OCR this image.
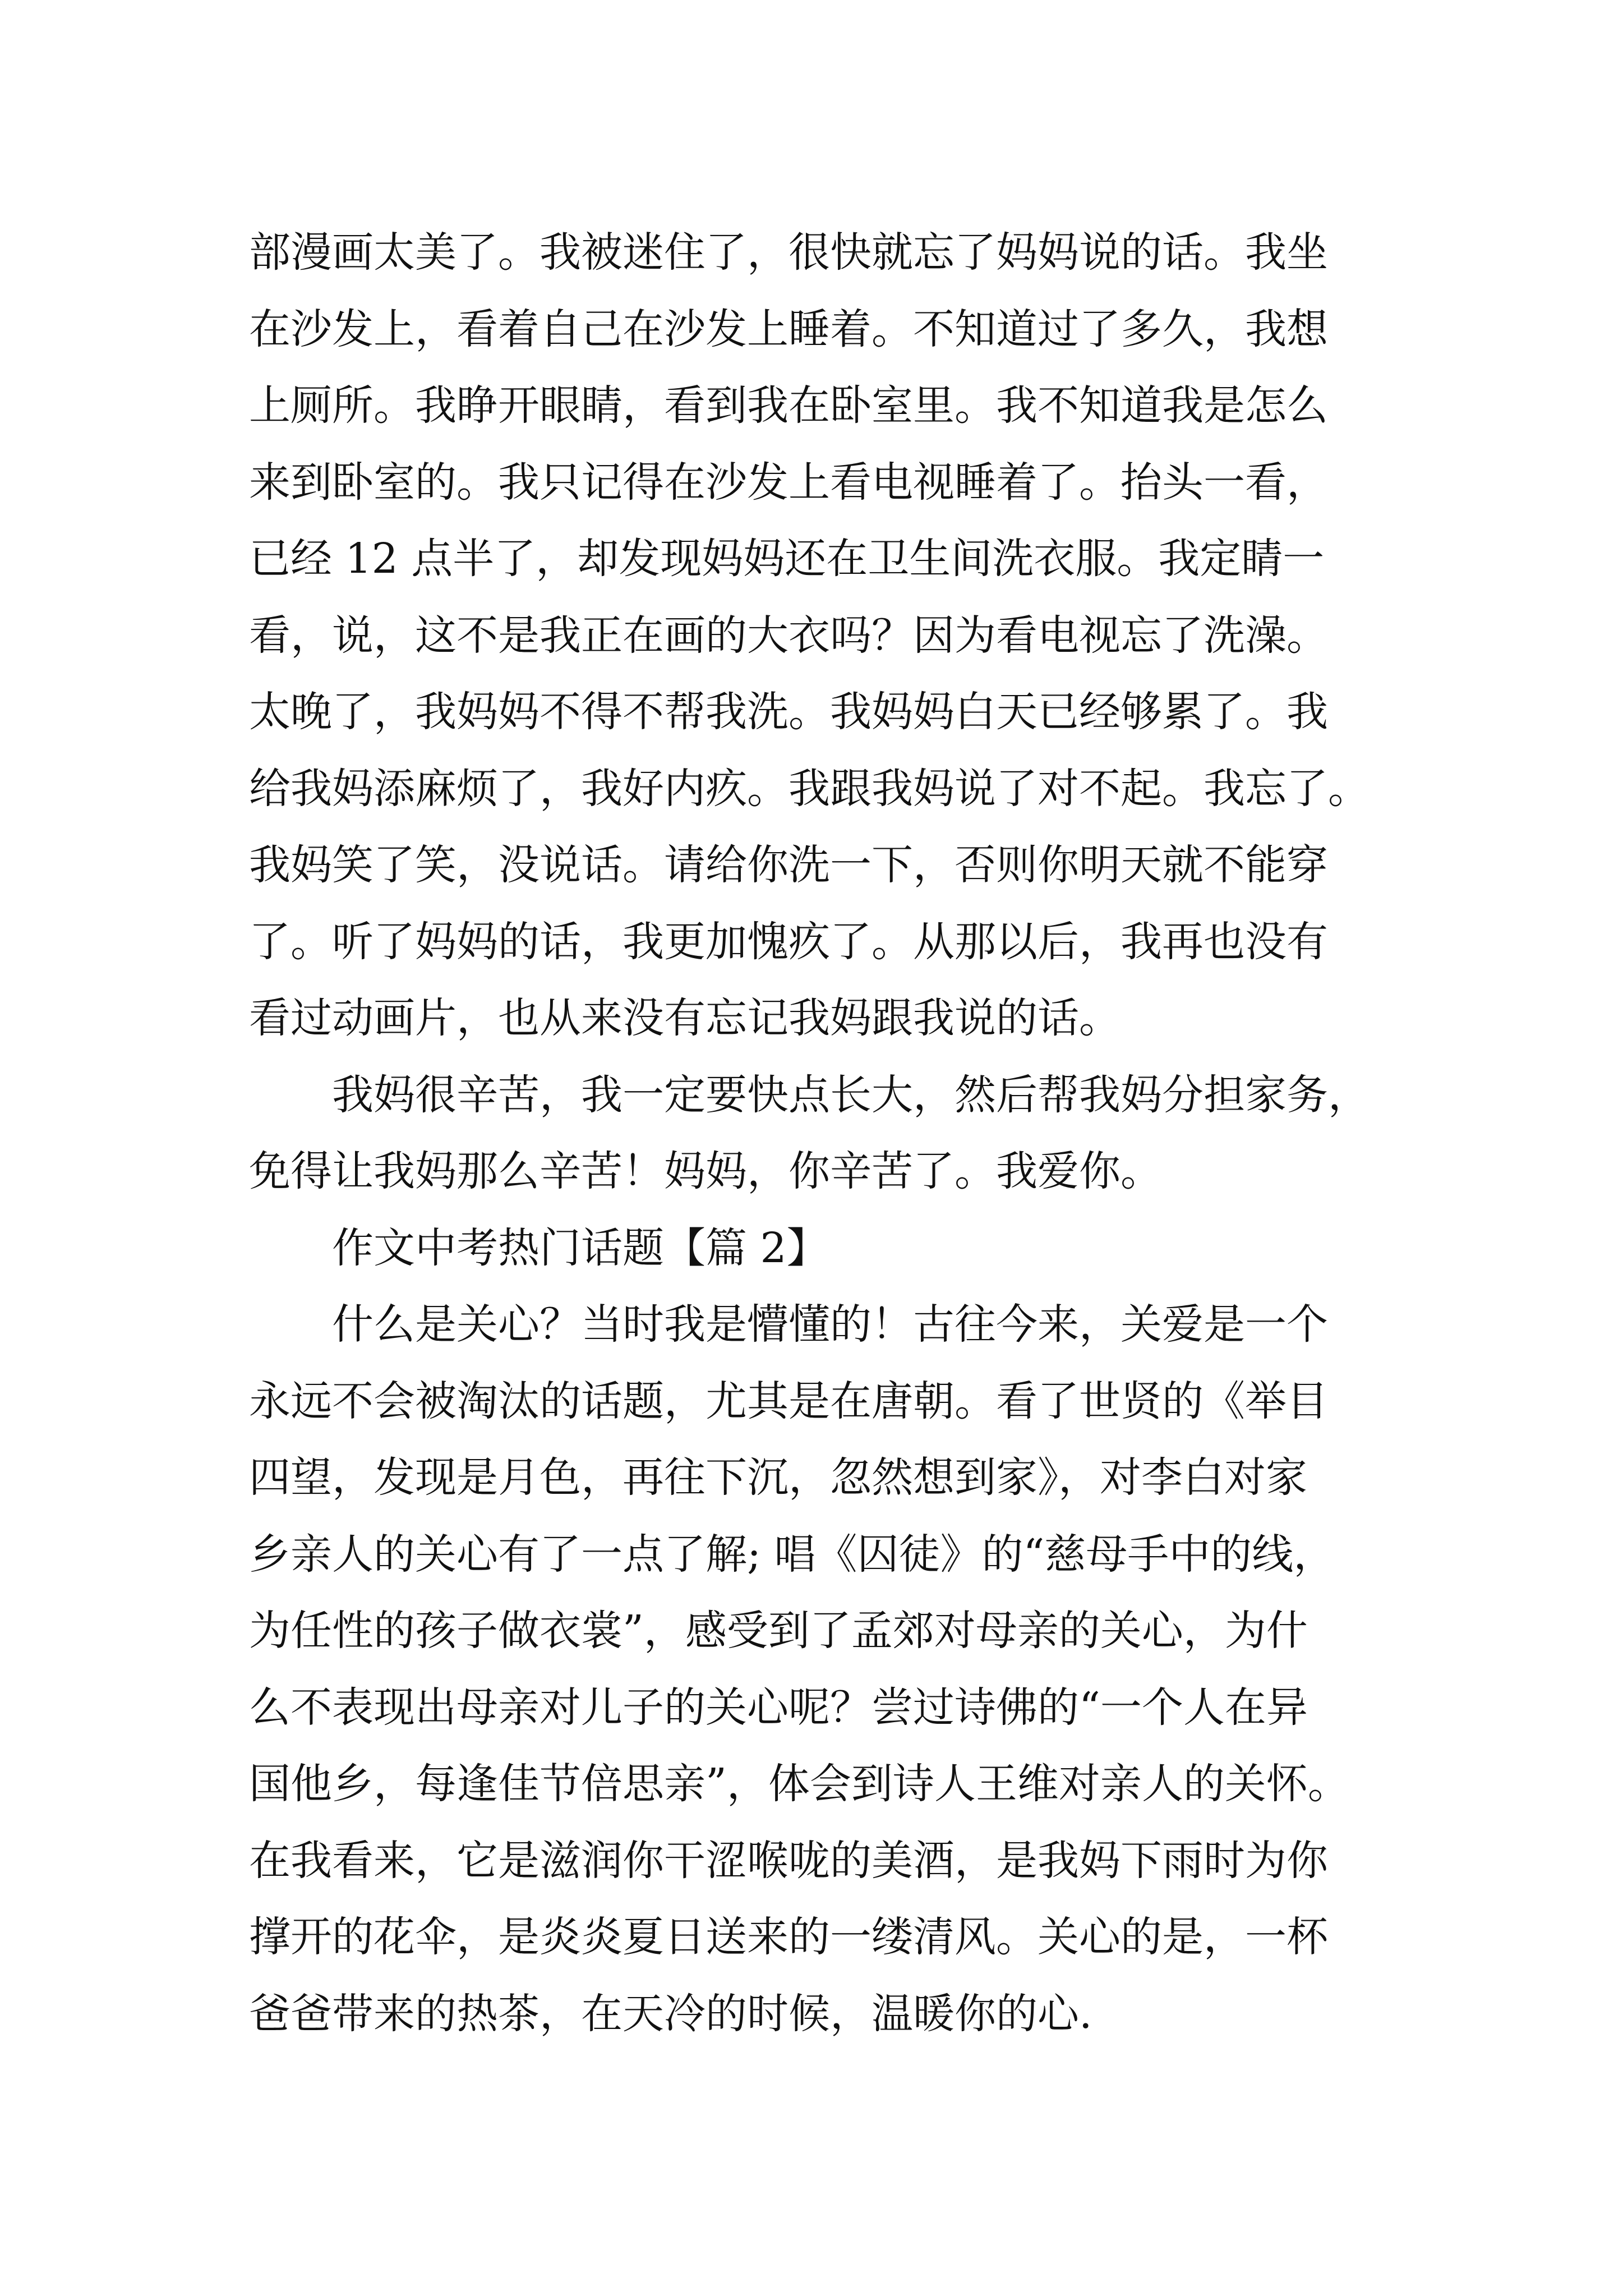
部漫画太美了。我被迷住了，很快就忘了妈妈说的话。我坐
在沙发上，看着自己在沙发上睡着。不知道过了多久，我想
上厕所。我睁开眼睛，看到我在卧室里。我不知道我是怎么
来到卧室的。我只记得在沙发上看电视睡着了。抬头一看，
已经 12 点半了，却发现妈妈还在卫生间洗衣服。我定睛一
看，说，这不是我正在画的大衣吗？因为看电视忘了洗澡。
太晚了，我妈妈不得不帮我洗。我妈妈白天已经够累了。我
给我妈添麻烦了，我好内疚。我跟我妈说了对不起。我忘了。
我妈笑了笑，没说话。请给你洗一下，否则你明天就不能穿
了。听了妈妈的话，我更加愧疚了。从那以后，我再也没有
看过动画片，也从来没有忘记我妈跟我说的话。
我妈很辛苦，我一定要快点长大，然后帮我妈分担家务，
免得让我妈那么辛苦！妈妈，你辛苦了。我爱你。
作文中考热门话题【篇 2】
什么是关心？当时我是懵懂的！古往今来，关爱是一个
永远不会被淘汰的话题，尤其是在唐朝。看了世贤的《举目
四望，发现是月色，再往下沉，忽然想到家》，对李白对家
乡亲人的关心有了一点了解; 唱《囚徒》的“慈母手中的线，
为任性的孩子做衣裳”，感受到了孟郊对母亲的关心，为什
么不表现出母亲对儿子的关心呢？尝过诗佛的“一个人在异
国他乡，每逢佳节倍思亲”，体会到诗人王维对亲人的关怀。
在我看来，它是滋润你干涩喉咙的美酒，是我妈下雨时为你
撑开的花伞，是炎炎夏日送来的一缕清风。关心的是，一杯
爸爸带来的热茶，在天冷的时候，温暖你的心.
